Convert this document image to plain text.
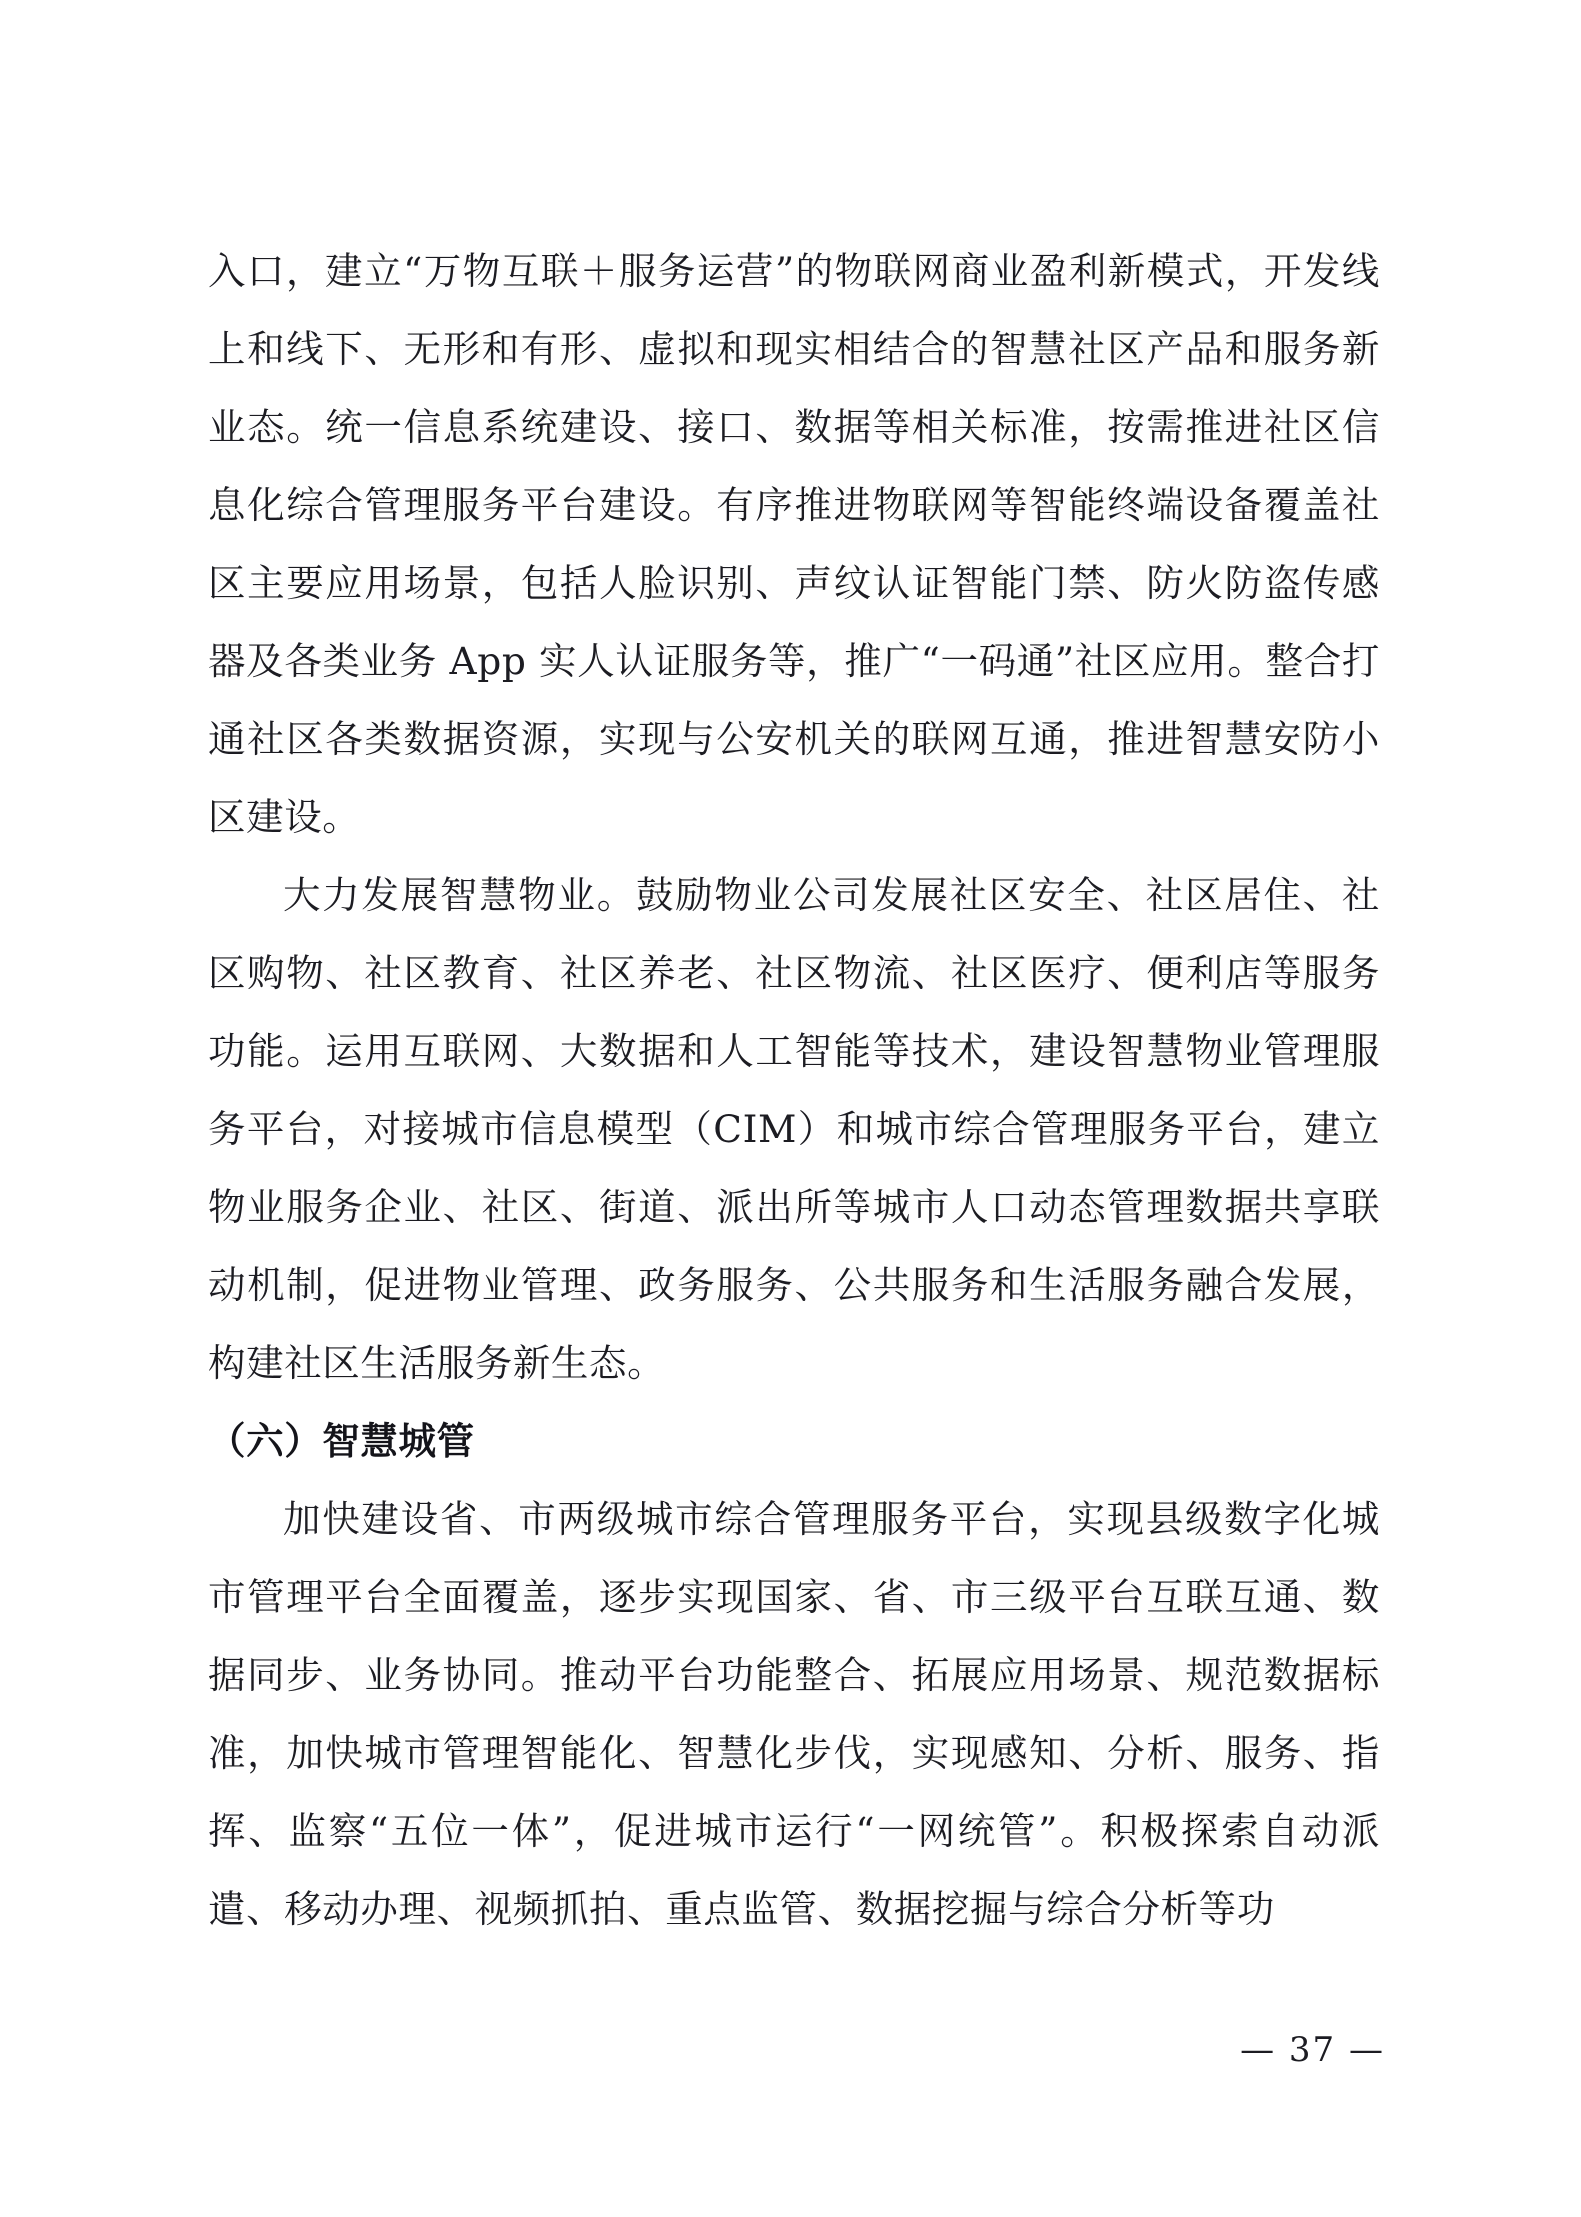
入口，建立“万物互联＋服务运营”的物联网商业盈利新模式，开发线上和线下、无形和有形、虚拟和现实相结合的智慧社区产品和服务新业态。统一信息系统建设、接口、数据等相关标准，按需推进社区信息化综合管理服务平台建设。有序推进物联网等智能终端设备覆盖社区主要应用场景，包括人脸识别、声纹认证智能门禁、防火防盗传感器及各类业务 App 实人认证服务等，推广“一码通”社区应用。整合打通社区各类数据资源，实现与公安机关的联网互通，推进智慧安防小区建设。

大力发展智慧物业。鼓励物业公司发展社区安全、社区居住、社区购物、社区教育、社区养老、社区物流、社区医疗、便利店等服务功能。运用互联网、大数据和人工智能等技术，建设智慧物业管理服务平台，对接城市信息模型（CIM）和城市综合管理服务平台，建立物业服务企业、社区、街道、派出所等城市人口动态管理数据共享联动机制，促进物业管理、政务服务、公共服务和生活服务融合发展，构建社区生活服务新生态。

（六）智慧城管

加快建设省、市两级城市综合管理服务平台，实现县级数字化城市管理平台全面覆盖，逐步实现国家、省、市三级平台互联互通、数据同步、业务协同。推动平台功能整合、拓展应用场景、规范数据标准，加快城市管理智能化、智慧化步伐，实现感知、分析、服务、指挥、监察“五位一体”，促进城市运行“一网统管”。积极探索自动派遣、移动办理、视频抓拍、重点监管、数据挖掘与综合分析等功

— 37 —
